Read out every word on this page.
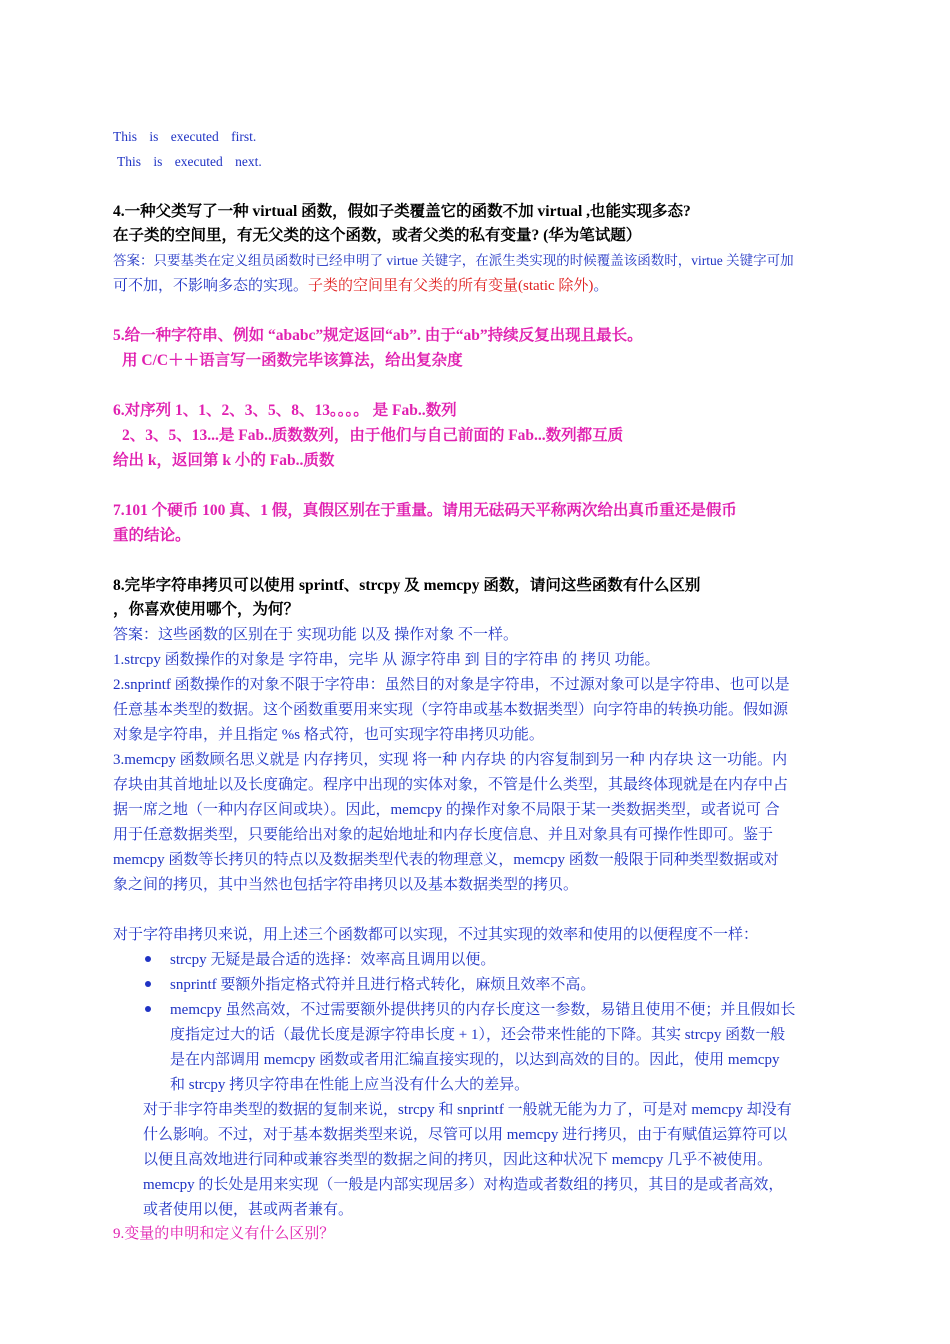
This is executed first.
This is executed next.
4.一种父类写了一种 virtual 函数，假如子类覆盖它的函数不加 virtual ,也能实现多态?
在子类的空间里，有无父类的这个函数，或者父类的私有变量? (华为笔试题）
答案：只要基类在定义组员函数时已经申明了 virtue 关键字，在派生类实现的时候覆盖该函数时，virtue 关键字可加
可不加，不影响多态的实现。子类的空间里有父类的所有变量(static 除外)。
5.给一种字符串、例如 “ababc”规定返回“ab”. 由于“ab”持续反复出现且最长。
用 C/C＋＋语言写一函数完毕该算法，给出复杂度
6.对序列 1、1、2、3、5、8、13。。。。 是 Fab..数列
2、3、5、13...是 Fab..质数数列，由于他们与自己前面的 Fab...数列都互质
给出 k，返回第 k 小的 Fab..质数
7.101 个硬币 100 真、1 假，真假区别在于重量。请用无砝码天平称两次给出真币重还是假币
重的结论。
8.完毕字符串拷贝可以使用 sprintf、strcpy 及 memcpy 函数，请问这些函数有什么区别
，你喜欢使用哪个，为何？
答案：这些函数的区别在于 实现功能 以及 操作对象 不一样。
1.strcpy 函数操作的对象是 字符串，完毕 从 源字符串 到 目的字符串 的 拷贝 功能。
2.snprintf 函数操作的对象不限于字符串：虽然目的对象是字符串，不过源对象可以是字符串、也可以是
任意基本类型的数据。这个函数重要用来实现（字符串或基本数据类型）向字符串的转换功能。假如源
对象是字符串，并且指定 %s 格式符，也可实现字符串拷贝功能。
3.memcpy 函数顾名思义就是 内存拷贝，实现 将一种 内存块 的内容复制到另一种 内存块 这一功能。内
存块由其首地址以及长度确定。程序中出现的实体对象，不管是什么类型，其最终体现就是在内存中占
据一席之地（一种内存区间或块）。因此，memcpy 的操作对象不局限于某一类数据类型，或者说可 合
用于任意数据类型，只要能给出对象的起始地址和内存长度信息、并且对象具有可操作性即可。鉴于
memcpy 函数等长拷贝的特点以及数据类型代表的物理意义，memcpy 函数一般限于同种类型数据或对
象之间的拷贝，其中当然也包括字符串拷贝以及基本数据类型的拷贝。
对于字符串拷贝来说，用上述三个函数都可以实现，不过其实现的效率和使用的以便程度不一样：
strcpy 无疑是最合适的选择：效率高且调用以便。
snprintf 要额外指定格式符并且进行格式转化，麻烦且效率不高。
memcpy 虽然高效，不过需要额外提供拷贝的内存长度这一参数，易错且使用不便；并且假如长
度指定过大的话（最优长度是源字符串长度 + 1），还会带来性能的下降。其实 strcpy 函数一般
是在内部调用 memcpy 函数或者用汇编直接实现的，以达到高效的目的。因此，使用 memcpy
和 strcpy 拷贝字符串在性能上应当没有什么大的差异。
对于非字符串类型的数据的复制来说，strcpy 和 snprintf 一般就无能为力了，可是对 memcpy 却没有
什么影响。不过，对于基本数据类型来说，尽管可以用 memcpy 进行拷贝，由于有赋值运算符可以
以便且高效地进行同种或兼容类型的数据之间的拷贝，因此这种状况下 memcpy 几乎不被使用。
memcpy 的长处是用来实现（一般是内部实现居多）对构造或者数组的拷贝，其目的是或者高效，
或者使用以便，甚或两者兼有。
9.变量的申明和定义有什么区别？
